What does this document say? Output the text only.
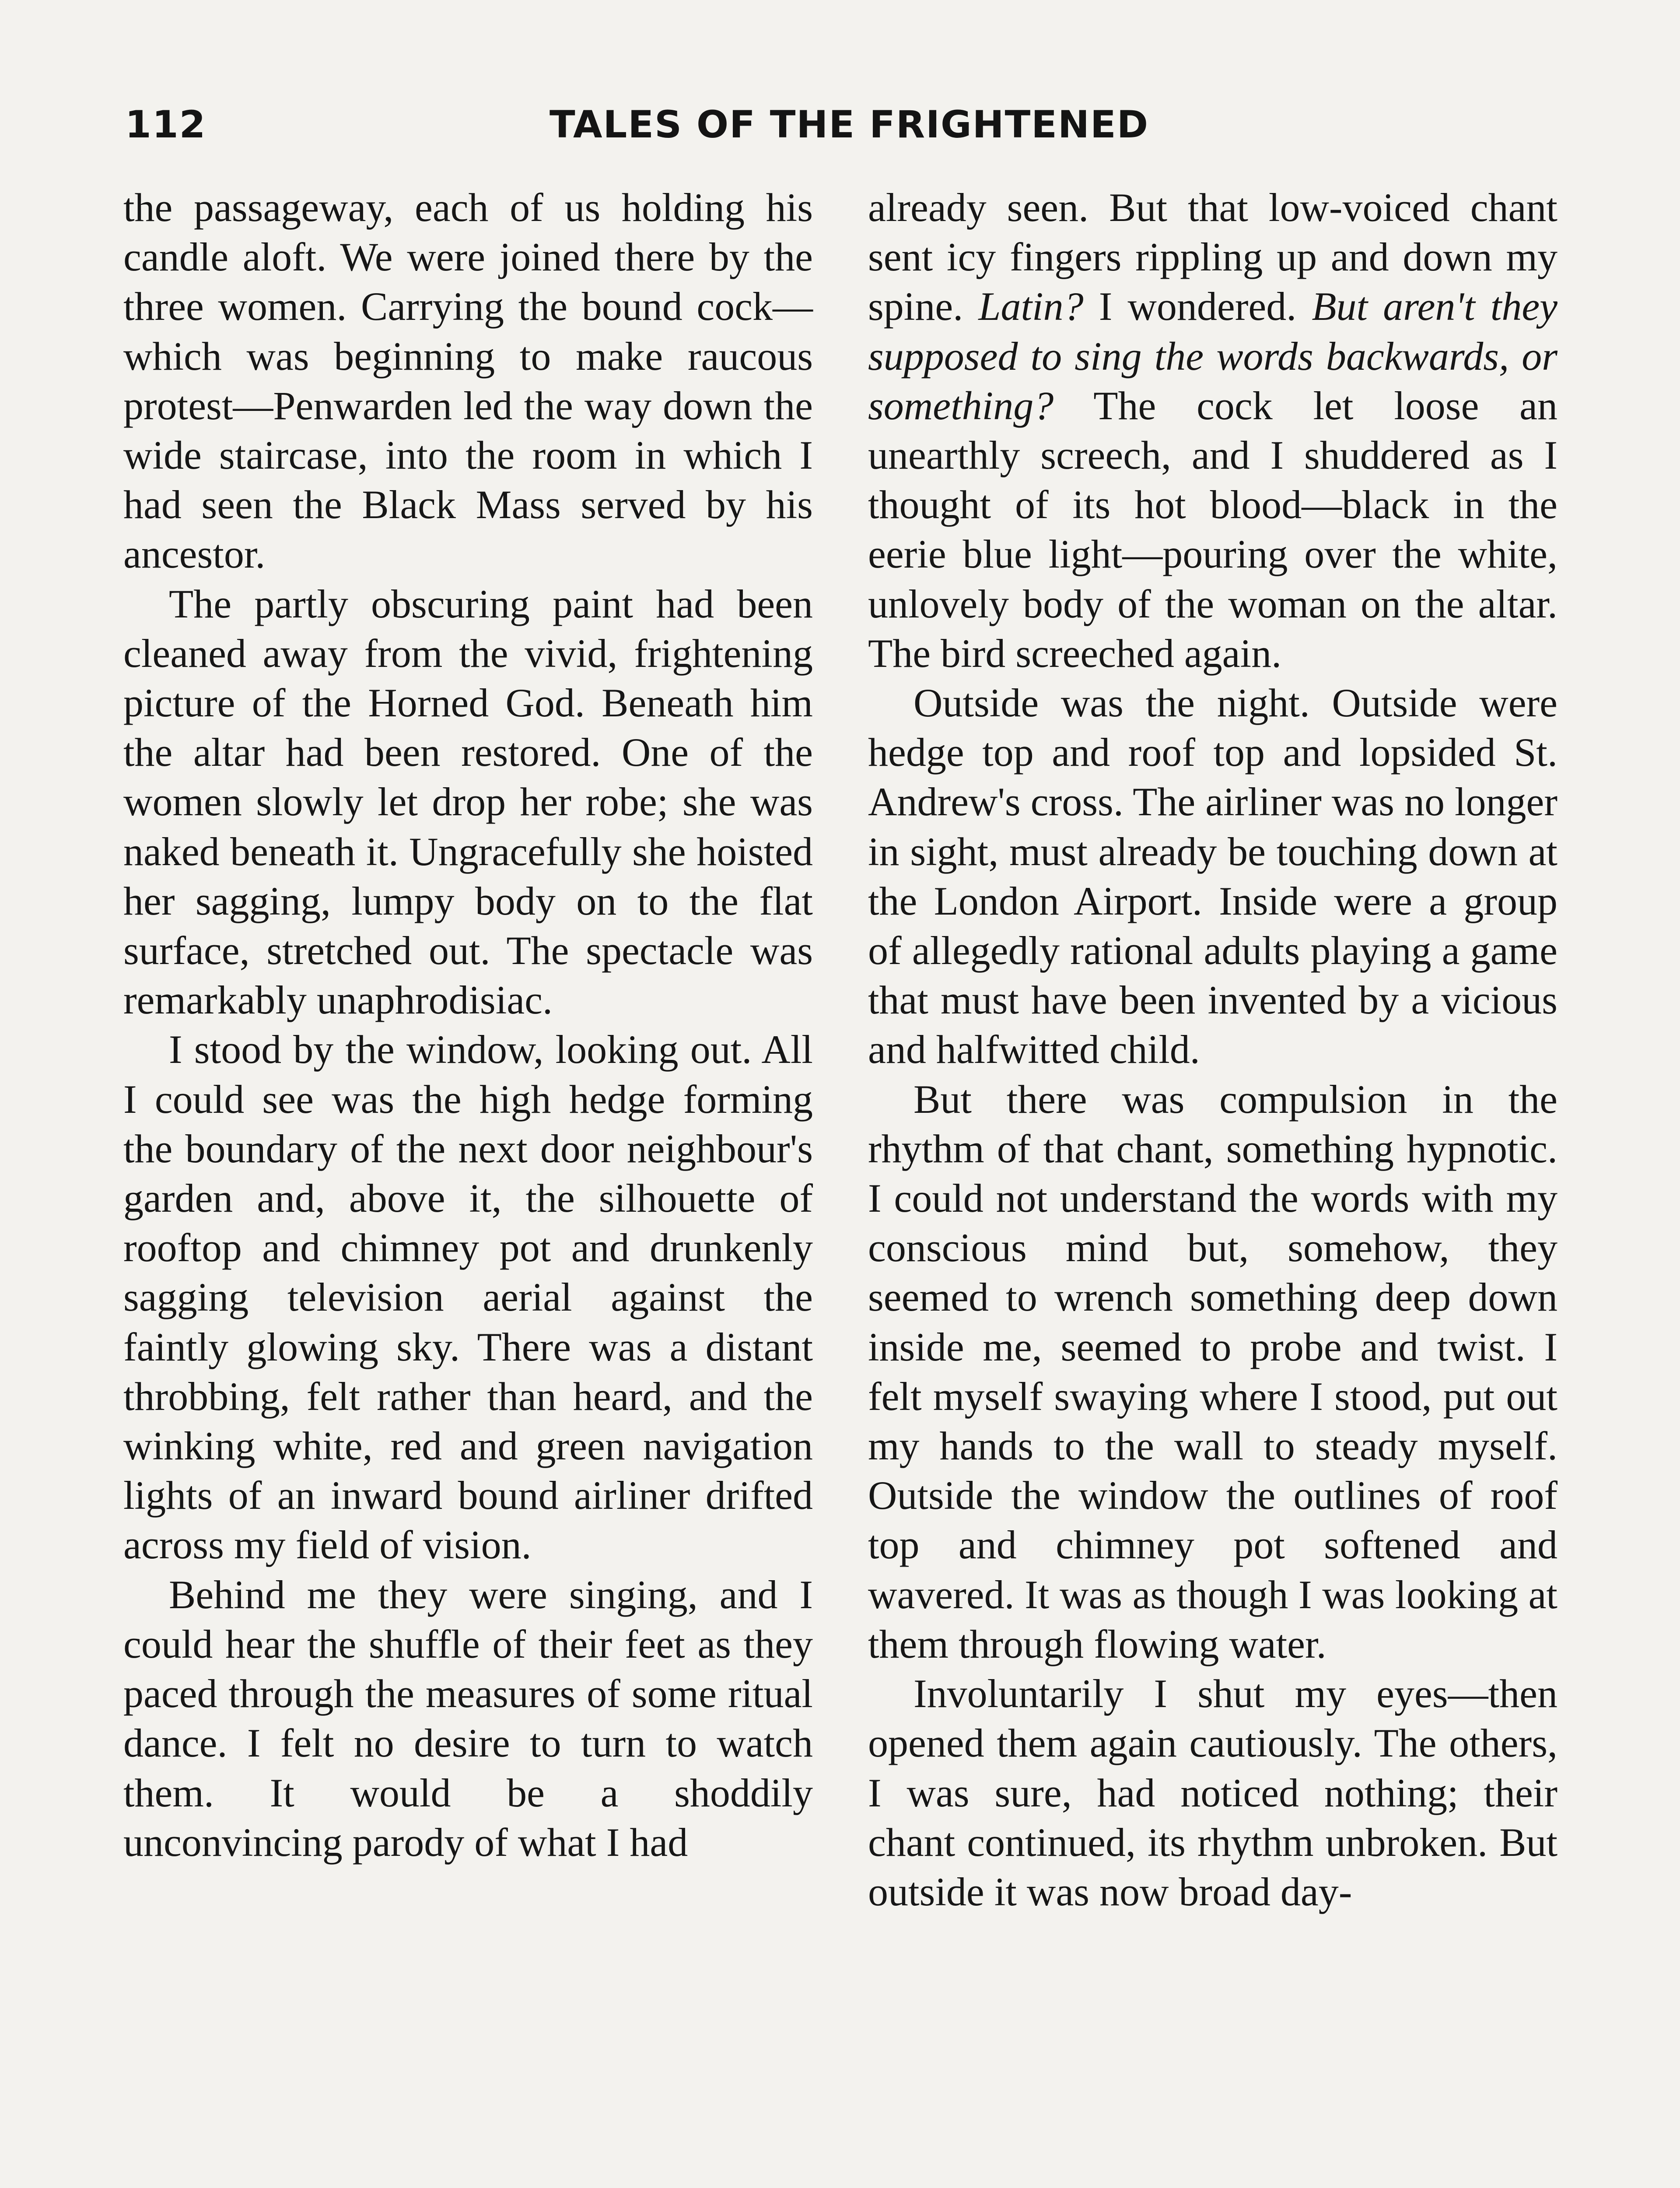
112	TALES OF THE FRIGHTENED

the passageway, each of us holding his candle aloft. We were joined there by the three women. Carrying the bound cock—which was beginning to make raucous protest—Penwarden led the way down the wide staircase, into the room in which I had seen the Black Mass served by his ancestor.

The partly obscuring paint had been cleaned away from the vivid, frightening picture of the Horned God. Beneath him the altar had been restored. One of the women slowly let drop her robe; she was naked beneath it. Ungracefully she hoisted her sagging, lumpy body on to the flat surface, stretched out. The spectacle was remarkably unaphrodisiac.

I stood by the window, looking out. All I could see was the high hedge forming the boundary of the next door neighbour's garden and, above it, the silhouette of rooftop and chimney pot and drunkenly sagging television aerial against the faintly glowing sky. There was a distant throbbing, felt rather than heard, and the winking white, red and green navigation lights of an inward bound airliner drifted across my field of vision.

Behind me they were singing, and I could hear the shuffle of their feet as they paced through the measures of some ritual dance. I felt no desire to turn to watch them. It would be a shoddily unconvincing parody of what I had

already seen. But that low-voiced chant sent icy fingers rippling up and down my spine. Latin? I wondered. But aren't they supposed to sing the words backwards, or something? The cock let loose an unearthly screech, and I shuddered as I thought of its hot blood—black in the eerie blue light—pouring over the white, unlovely body of the woman on the altar. The bird screeched again.

Outside was the night. Outside were hedge top and roof top and lopsided St. Andrew's cross. The airliner was no longer in sight, must already be touching down at the London Airport. Inside were a group of allegedly rational adults playing a game that must have been invented by a vicious and halfwitted child.

But there was compulsion in the rhythm of that chant, something hypnotic. I could not understand the words with my conscious mind but, somehow, they seemed to wrench something deep down inside me, seemed to probe and twist. I felt myself swaying where I stood, put out my hands to the wall to steady myself. Outside the window the outlines of roof top and chimney pot softened and wavered. It was as though I was looking at them through flowing water.

Involuntarily I shut my eyes—then opened them again cautiously. The others, I was sure, had noticed nothing; their chant continued, its rhythm unbroken. But outside it was now broad day-
